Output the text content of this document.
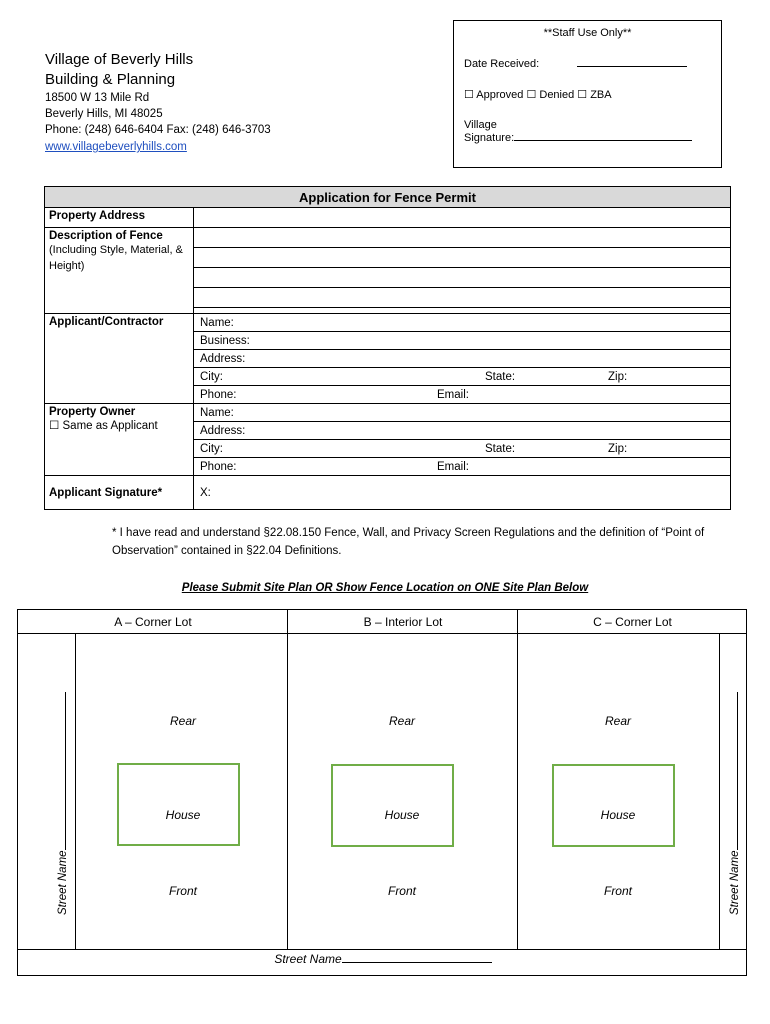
Village of Beverly Hills
Building & Planning
18500 W 13 Mile Rd
Beverly Hills, MI 48025
Phone: (248) 646-6404 Fax: (248) 646-3703
www.villagebeverlyhills.com
**Staff Use Only**
Date Received:
☐ Approved ☐ Denied ☐ ZBA
Village
Signature:
Application for Fence Permit	
Property Address	

Description of Fence
(Including Style, Material, & Height)	

Applicant/Contractor	Name:
	Business:
	Address:

	City: State: Zip:

	Phone: Email:

Property Owner
☐ Same as Applicant	Name:
	Address:

	City: State: Zip:

	Phone: Email:

Applicant Signature*	X:
* I have read and understand §22.08.150 Fence, Wall, and Privacy Screen Regulations and the definition of “Point of Observation” contained in §22.04 Definitions.
Please Submit Site Plan OR Show Fence Location on ONE Site Plan Below
A – Corner Lot	B – Interior Lot	C – Corner Lot
Rear
House
Front
Rear
House
Front
Rear
House
Front
Street Name	Street Name
Street Name
